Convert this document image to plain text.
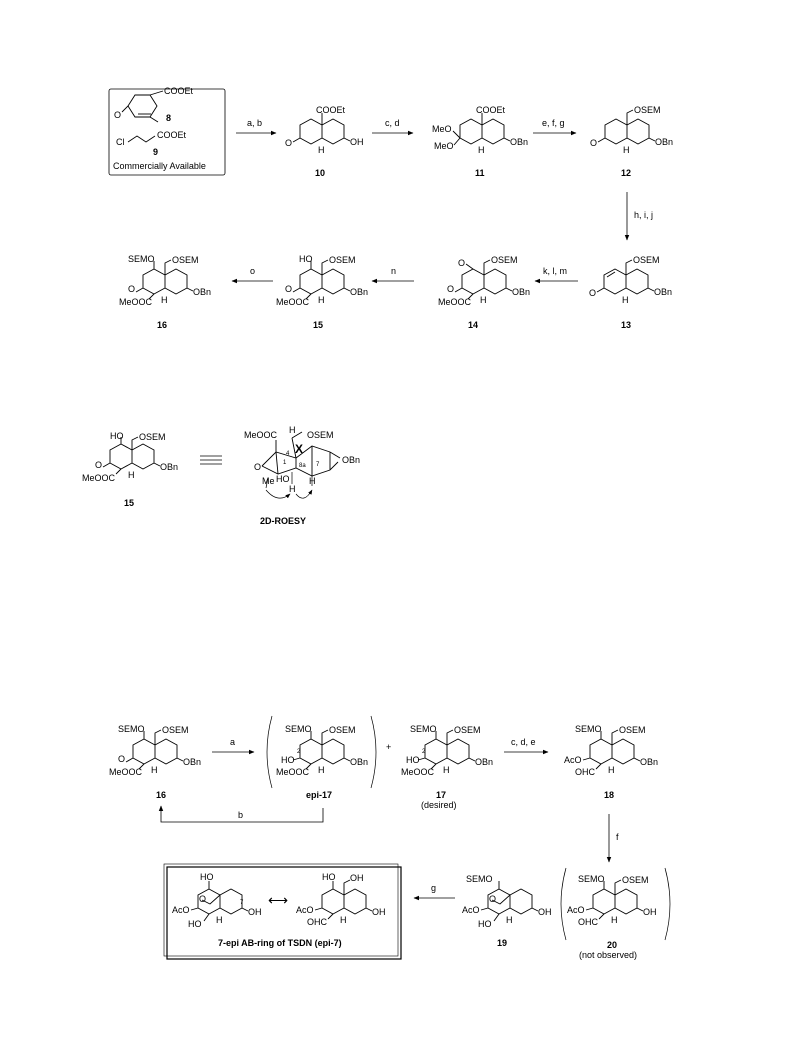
COOEt
O	8
Cl
COOEt
9
Commercially Available
a, b
COOEt
O
H
OH
10
c, d
COOEt
MeO
MeO	H
OBn
11
e, f, g
OSEM
O
H
OBn
12
h, i, j
OSEM
O
H
OBn
13
k, l, m
O	OSEM
O
MeOOC H
OBn
14
n
HO OSEM
O
MeOOC H
OBn
15
o
SEMO OSEM
O
MeOOC H
OBn
16
HO OSEM
O
MeOOC H
OBn
15
MeOOC H OSEM
OBn
O
Me HO
H
H
1
4
8a 7
X
2D-ROESY
SEMO OSEM
O
MeOOC H
OBn
16
a
SEMO OSEM
HO
2
MeOOC H
OBn
epi-17
+
SEMO OSEM
HO
2
MeOOC H
OBn
17
(desired)
c, d, e
SEMO OSEM
AcO
OHC H
OBn
18
b
f
SEMO OSEM
AcO
OHC H
OH
20
(not observed)
SEMO
O
AcO
HO H
OH
19
g
HO
O
AcO
HO H
7
OH
⟷
HO OH
AcO
OHC H
OH
7-epi AB-ring of TSDN (epi-7)
